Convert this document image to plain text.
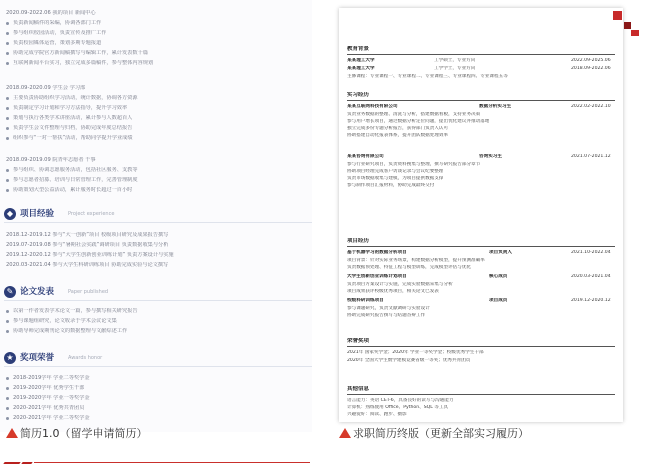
2020.09-2022.06 我的项目 新闻中心
负责新闻稿件的采编，协调各部门工作
参与组织校园活动，负责宣传及推广工作
负责校园媒体运营，策划多期专题报道
协助完成学院官方新闻稿撰写与编辑工作，累计发表数十篇
互联网新闻平台实习，独立完成多篇稿件，参与整体内容规划
2018.09-2020.09 学生会 学习部
主要负责协助组织学习活动，统计数据，协调各方资源
负责制定学习计划和学习方法指导，提升学习效率
策划与执行各类学术讲座活动，累计参与人数超百人
负责学生会文件整理与归档，协助完成年度总结报告
组织参与“一对一帮扶”活动，帮助同学提升学业成绩
2018.09-2019.09 院青年志愿者 干事
参与组织、协调志愿服务活动，包括社区服务、支教等
参与志愿者招募、培训与日常管理工作，完善管理制度
协助策划大型公益活动，累计服务时长超过一百小时
◆ 项目经验	Project experience
2018.12-2019.12 参与“大一创新”项目 校级项目研究及成果报告撰写
2019.07-2019.08 参与“暑期社会实践”调研项目 负责数据收集与分析
2019.12-2020.12 参与“大学生创新创业训练计划” 负责方案设计与实施
2020.03-2021.04 参与大学生科研训练项目 协助完成实验与论文撰写
✎ 论文发表	Paper published
以第一作者发表学术论文一篇，参与撰写相关研究报告
参与课题组研究，论文收录于学术会议论文集
协助导师完成期刊论文的数据整理与文献综述工作
★ 奖项荣誉	Awards honor
2018-2019学年 学业二等奖学金
2019-2020学年 优秀学生干部
2019-2020学年 学业一等奖学金
2020-2021学年 优秀共青团员
2020-2021学年 学业二等奖学金
教育背景
某某理工大学	工学硕士，专业方向	2022.09-2025.06
某某理工大学	工学学士，专业方向	2018.09-2022.06
主修课程：专业课程一、专业课程二、专业课程三、专业课程四、专业课程五等
实习经历
某某互联网科技有限公司	数据分析实习生	2022.02-2022.10
负责业务数据的整理、清洗与分析，搭建数据看板，支持业务决策
参与用户增长项目，通过数据分析定位问题，提出优化建议并推动落地
独立完成多份专题分析报告，获得部门负责人认可
协助搭建自动化报表体系，提升团队数据处理效率
某某咨询有限公司	咨询实习生	2021.07-2021.12
参与行业研究项目，负责资料搜集与整理，撰写研究报告部分章节
协助项目经理完成客户访谈记录与会议纪要整理
负责市场数据收集与建模，为项目提供数据支撑
参与制作项目汇报材料，协助完成最终交付
项目经历
基于机器学习的数据分析项目	项目负责人	2021.10-2022.04
项目背景：针对实际业务场景，构建数据分析模型，提升预测准确率
负责数据预处理、特征工程与模型训练，完成模型评估与优化
大学生创新创业训练计划项目	核心成员	2020.03-2021.04
负责项目方案设计与实施，完成实验数据采集与分析
项目成果获评校级优秀项目，相关论文已发表
校级科研训练项目	项目成员	2019.12-2020.12
参与课题研究，负责文献调研与实验设计
协助完成研究报告撰写与结题答辩工作
荣誉奖项
2021年 国家奖学金；2020年 学业一等奖学金；校级优秀学生干部
2020年 全国大学生数学建模竞赛省级一等奖；优秀共青团员
其他信息
语言能力：英语 CET-6，具备良好的读写与沟通能力
计算机：熟练使用 Office、Python、SQL 等工具
兴趣爱好：阅读、跑步、摄影
简历1.0（留学申请简历）	求职简历终版（更新全部实习履历）
